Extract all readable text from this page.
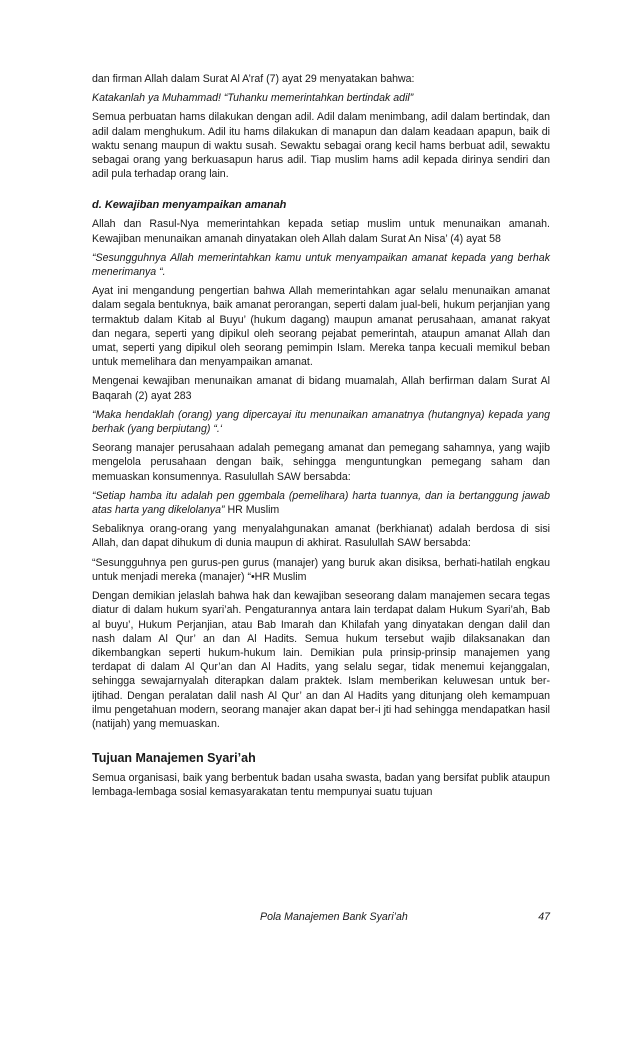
dan firman Allah dalam Surat Al A’raf (7) ayat 29 menyatakan bahwa:

Katakanlah ya Muhammad! “Tuhanku memerintahkan bertindak adil”

Semua perbuatan hams dilakukan dengan adil. Adil dalam menimbang, adil dalam bertindak, dan adil dalam menghukum. Adil itu hams dilakukan di manapun dan dalam keadaan apapun, baik di waktu senang maupun di waktu susah. Sewaktu sebagai orang kecil hams berbuat adil, sewaktu sebagai orang yang berkuasapun harus adil. Tiap muslim hams adil kepada dirinya sendiri dan adil pula terhadap orang lain.

d. Kewajiban menyampaikan amanah

Allah dan Rasul-Nya memerintahkan kepada setiap muslim untuk menunaikan amanah. Kewajiban menunaikan amanah dinyatakan oleh Allah dalam Surat An Nisa’ (4) ayat 58

“Sesungguhnya Allah memerintahkan kamu untuk menyampaikan amanat kepada yang berhak menerimanya “.

Ayat ini mengandung pengertian bahwa Allah memerintahkan agar selalu menunaikan amanat dalam segala bentuknya, baik amanat perorangan, seperti dalam jual-beli, hukum perjanjian yang termaktub dalam Kitab al Buyu’ (hukum dagang) maupun amanat perusahaan, amanat rakyat dan negara, seperti yang dipikul oleh seorang pejabat pemerintah, ataupun amanat Allah dan umat, seperti yang dipikul oleh seorang pemimpin Islam. Mereka tanpa kecuali memikul beban untuk memelihara dan menyampaikan amanat.

Mengenai kewajiban menunaikan amanat di bidang muamalah, Allah berfirman dalam Surat Al Baqarah (2) ayat 283

“Maka hendaklah (orang) yang dipercayai itu menunaikan amanatnya (hutangnya) kepada yang berhak (yang berpiutang) “.‘

Seorang manajer perusahaan adalah pemegang amanat dan pemegang sahamnya, yang wajib mengelola perusahaan dengan baik, sehingga menguntungkan pemegang saham dan memuaskan konsumennya. Rasulullah SAW bersabda:

“Setiap hamba itu adalah pen ggembala (pemelihara) harta tuannya, dan ia bertanggung jawab atas harta yang dikelolanya” HR Muslim

Sebaliknya orang-orang yang menyalahgunakan amanat (berkhianat) adalah berdosa di sisi Allah, dan dapat dihukum di dunia maupun di akhirat. Rasulullah SAW bersabda:

“Sesungguhnya pen gurus-pen gurus (manajer) yang buruk akan disiksa, berhati-hatilah engkau untuk menjadi mereka (manajer) “•HR Muslim

Dengan demikian jelaslah bahwa hak dan kewajiban seseorang dalam manajemen secara tegas diatur di dalam hukum syari’ah. Pengaturannya antara lain terdapat dalam Hukum Syari’ah, Bab al buyu’, Hukum Perjanjian, atau Bab Imarah dan Khilafah yang dinyatakan dengan dalil dan nash dalam Al Qur’ an dan Al Hadits. Semua hukum tersebut wajib dilaksanakan dan dikembangkan seperti hukum-hukum lain. Demikian pula prinsip-prinsip manajemen yang terdapat di dalam Al Qur’an dan Al Hadits, yang selalu segar, tidak menemui kejanggalan, sehingga sewajarnyalah diterapkan dalam praktek. Islam memberikan keluwesan untuk ber-ijtihad. Dengan peralatan dalil nash Al Qur’ an dan Al Hadits yang ditunjang oleh kemampuan ilmu pengetahuan modern, seorang manajer akan dapat ber-i jti had sehingga mendapatkan hasil (natijah) yang memuaskan.

Tujuan Manajemen Syari’ah

Semua organisasi, baik yang berbentuk badan usaha swasta, badan yang bersifat publik ataupun lembaga-lembaga sosial kemasyarakatan tentu mempunyai suatu tujuan

Pola Manajemen Bank Syari’ah	47
